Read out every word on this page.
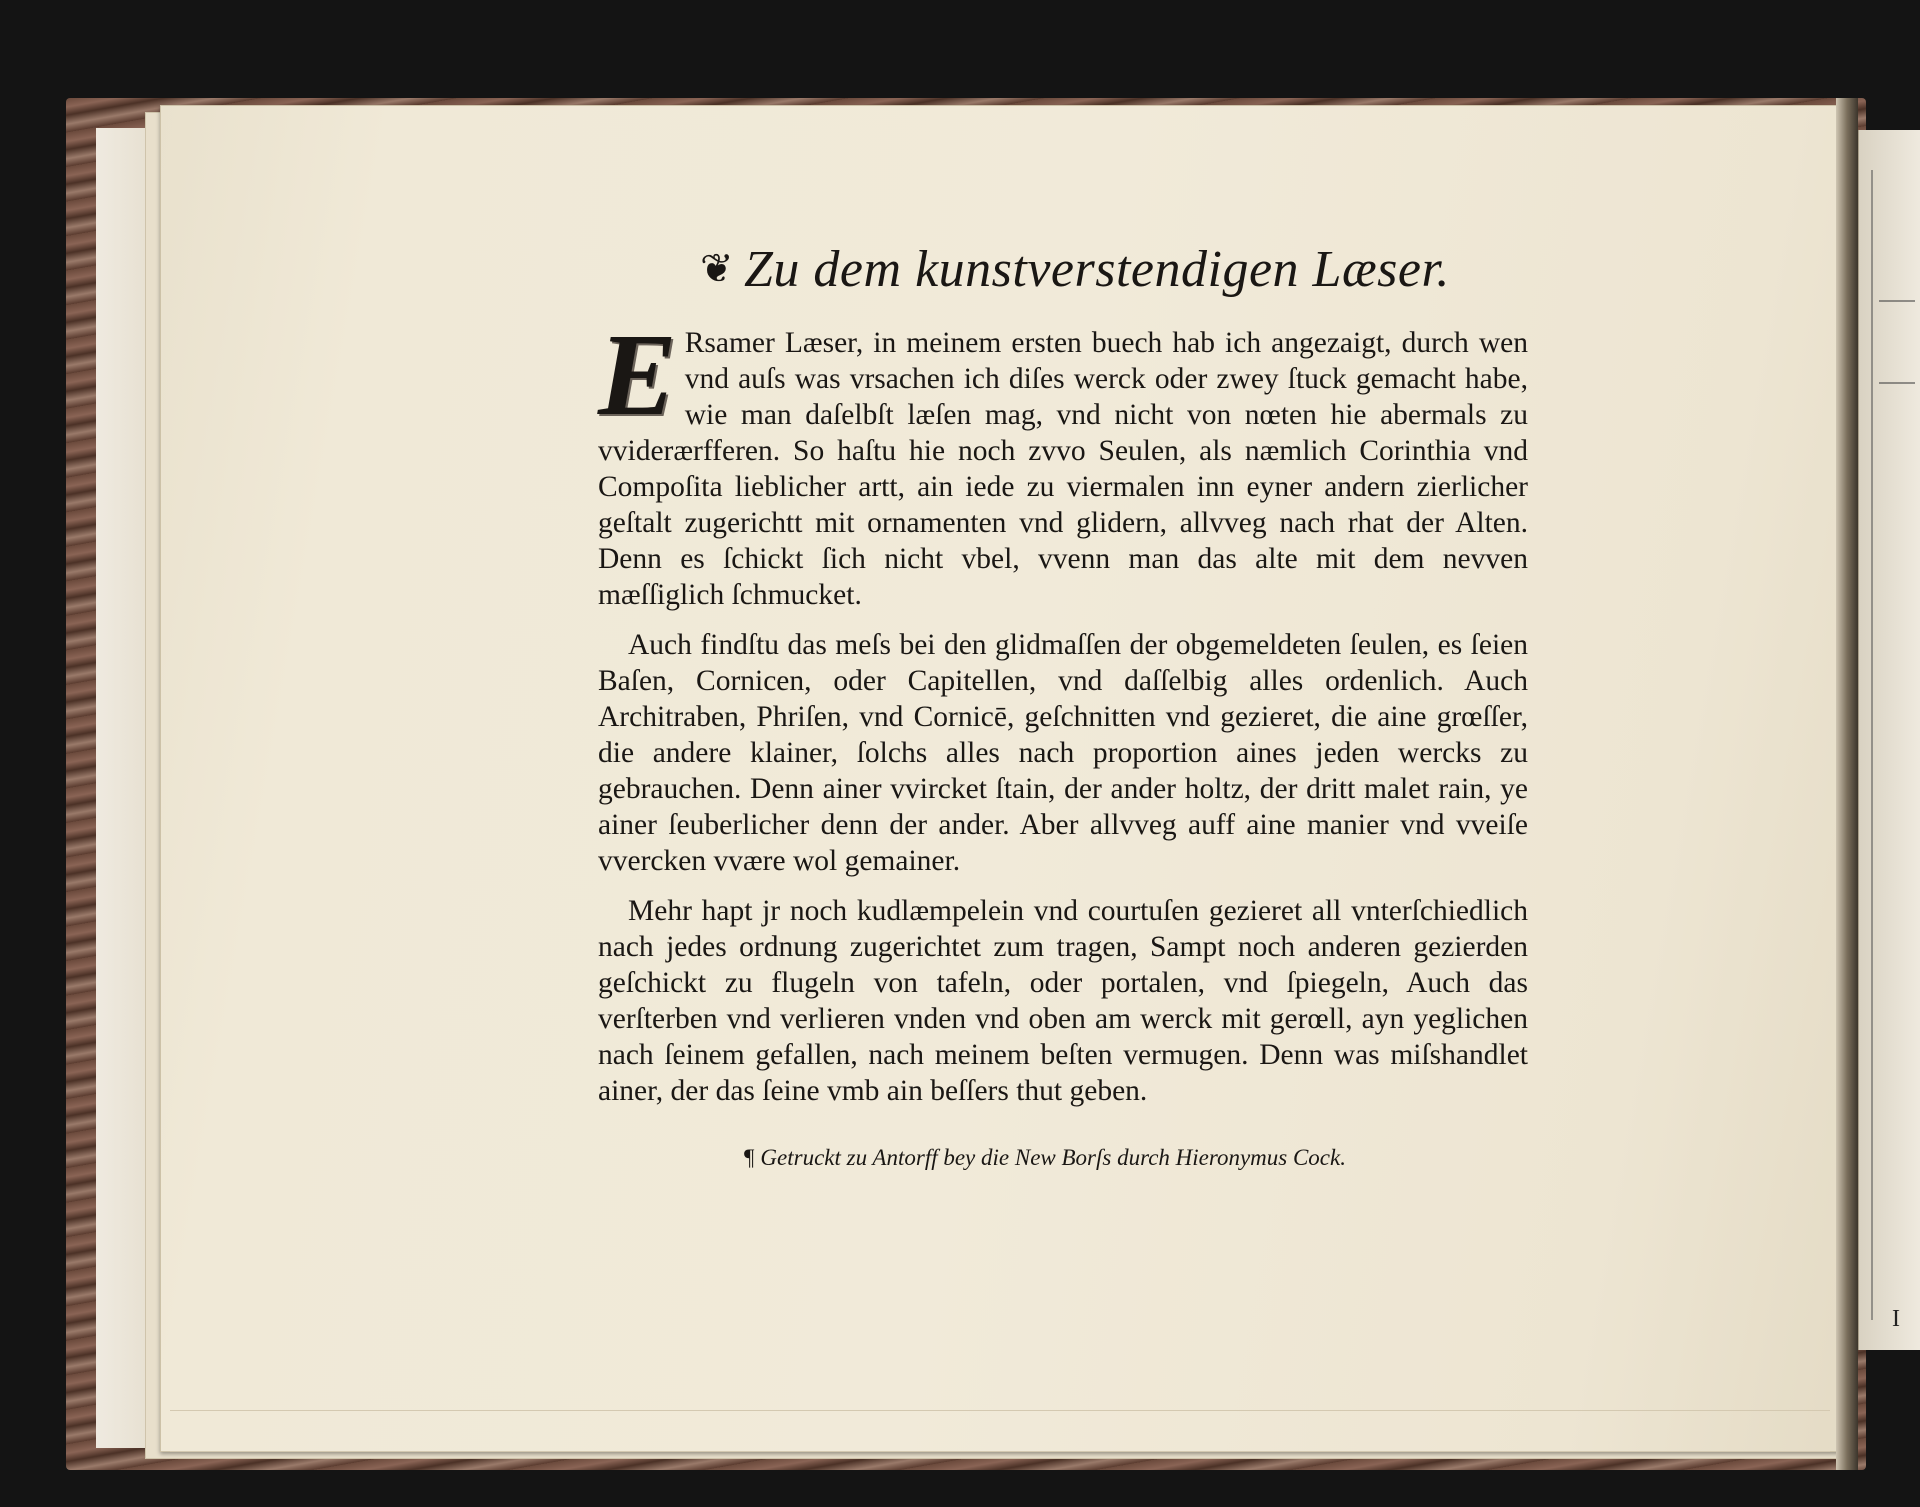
I
❦ Zu dem kunstverstendigen Læser.

E Rsamer Læser, in meinem ersten buech hab ich angezaigt, durch wen vnd auſs was vrsachen ich diſes werck oder zwey ſtuck gemacht habe, wie man daſelbſt læſen mag, vnd nicht von nœten hie abermals zu vviderærfferen. So haſtu hie noch zvvo Seulen, als næmlich Corinthia vnd Compoſita lieblicher artt, ain iede zu viermalen inn eyner andern zierlicher geſtalt zugerichtt mit ornamenten vnd glidern, allvveg nach rhat der Alten. Denn es ſchickt ſich nicht vbel, vvenn man das alte mit dem nevven mæſſiglich ſchmucket.

Auch findſtu das meſs bei den glidmaſſen der obgemeldeten ſeulen, es ſeien Baſen, Cornicen, oder Capitellen, vnd daſſelbig alles ordenlich. Auch Architraben, Phriſen, vnd Cornicē, geſchnitten vnd gezieret, die aine grœſſer, die andere klainer, ſolchs alles nach proportion aines jeden wercks zu gebrauchen. Denn ainer vvircket ſtain, der ander holtz, der dritt malet rain, ye ainer ſeuberlicher denn der ander. Aber allvveg auff aine manier vnd vveiſe vvercken vvære wol gemainer.

Mehr hapt jr noch kudlæmpelein vnd courtuſen gezieret all vnterſchiedlich nach jedes ordnung zugerichtet zum tragen, Sampt noch anderen gezierden geſchickt zu flugeln von tafeln, oder portalen, vnd ſpiegeln, Auch das verſterben vnd verlieren vnden vnd oben am werck mit gerœll, ayn yeglichen nach ſeinem gefallen, nach meinem beſten vermugen. Denn was miſshandlet ainer, der das ſeine vmb ain beſſers thut geben.

¶ Getruckt zu Antorff bey die New Borſs durch Hieronymus Cock.
